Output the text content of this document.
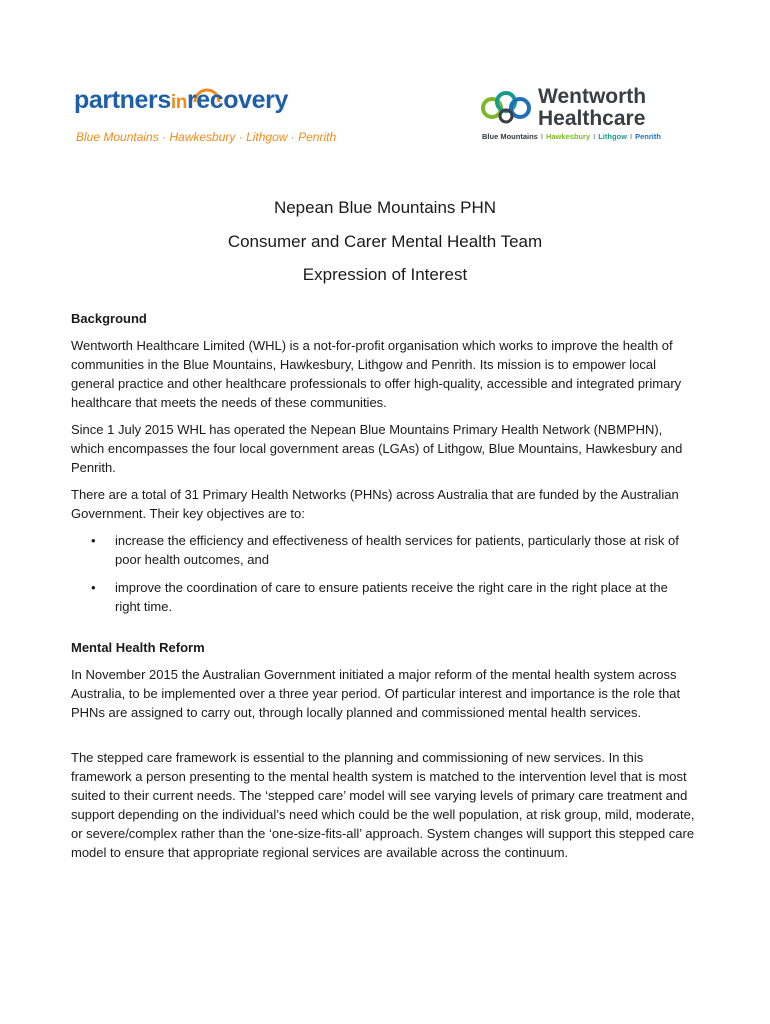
partnersinrecovery
Blue Mountains · Hawkesbury · Lithgow · Penrith
Wentworth
Healthcare
Blue Mountains I Hawkesbury I Lithgow I Penrith
Nepean Blue Mountains PHN
Consumer and Carer Mental Health Team
Expression of Interest
Background
Wentworth Healthcare Limited (WHL) is a not-for-profit organisation which works to improve the health of communities in the Blue Mountains, Hawkesbury, Lithgow and Penrith. Its mission is to empower local general practice and other healthcare professionals to offer high-quality, accessible and integrated primary healthcare that meets the needs of these communities.
Since 1 July 2015 WHL has operated the Nepean Blue Mountains Primary Health Network (NBMPHN), which encompasses the four local government areas (LGAs) of Lithgow, Blue Mountains, Hawkesbury and Penrith.
There are a total of 31 Primary Health Networks (PHNs) across Australia that are funded by the Australian Government. Their key objectives are to:
• increase the efficiency and effectiveness of health services for patients, particularly those at risk of poor health outcomes, and
• improve the coordination of care to ensure patients receive the right care in the right place at the right time.
Mental Health Reform
In November 2015 the Australian Government initiated a major reform of the mental health system across Australia, to be implemented over a three year period. Of particular interest and importance is the role that PHNs are assigned to carry out, through locally planned and commissioned mental health services.
The stepped care framework is essential to the planning and commissioning of new services. In this framework a person presenting to the mental health system is matched to the intervention level that is most suited to their current needs. The ‘stepped care’ model will see varying levels of primary care treatment and support depending on the individual’s need which could be the well population, at risk group, mild, moderate, or severe/complex rather than the ‘one-size-fits-all’ approach. System changes will support this stepped care model to ensure that appropriate regional services are available across the continuum.
